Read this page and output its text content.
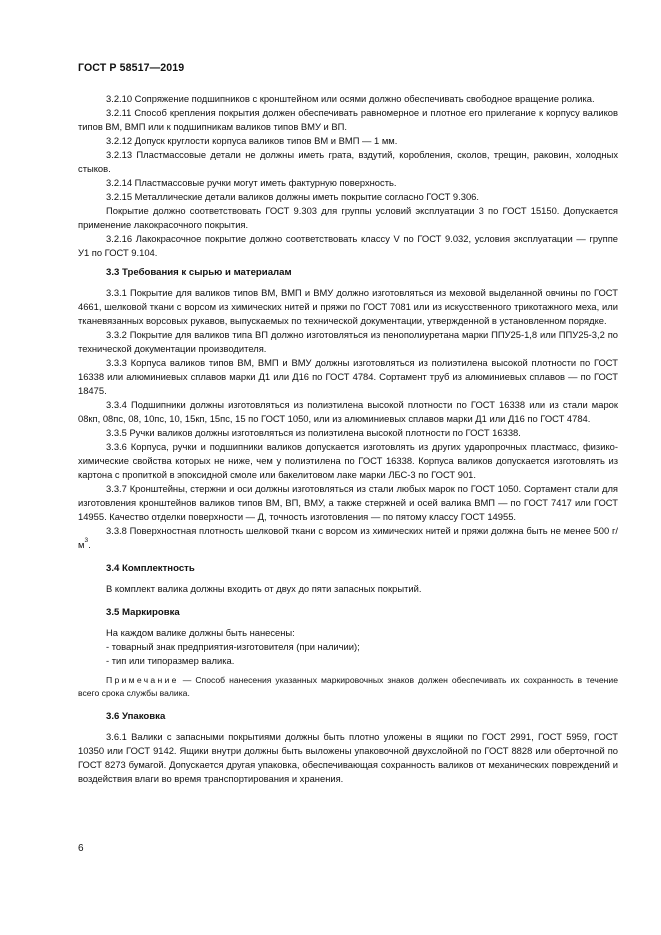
ГОСТ Р 58517—2019

3.2.10 Сопряжение подшипников с кронштейном или осями должно обеспечивать свободное вращение ролика.

3.2.11 Способ крепления покрытия должен обеспечивать равномерное и плотное его прилегание к корпусу валиков типов ВМ, ВМП или к подшипникам валиков типов ВМУ и ВП.

3.2.12 Допуск круглости корпуса валиков типов ВМ и ВМП — 1 мм.

3.2.13 Пластмассовые детали не должны иметь грата, вздутий, коробления, сколов, трещин, раковин, холодных стыков.

3.2.14 Пластмассовые ручки могут иметь фактурную поверхность.

3.2.15 Металлические детали валиков должны иметь покрытие согласно ГОСТ 9.306.

Покрытие должно соответствовать ГОСТ 9.303 для группы условий эксплуатации 3 по ГОСТ 15150. Допускается применение лакокрасочного покрытия.

3.2.16 Лакокрасочное покрытие должно соответствовать классу V по ГОСТ 9.032, условия эксплуатации — группе У1 по ГОСТ 9.104.

3.3 Требования к сырью и материалам

3.3.1 Покрытие для валиков типов ВМ, ВМП и ВМУ должно изготовляться из меховой выделанной овчины по ГОСТ 4661, шелковой ткани с ворсом из химических нитей и пряжи по ГОСТ 7081 или из искусственного трикотажного меха, или тканевязанных ворсовых рукавов, выпускаемых по технической документации, утвержденной в установленном порядке.

3.3.2 Покрытие для валиков типа ВП должно изготовляться из пенополиуретана марки ППУ25-1,8 или ППУ25-3,2 по технической документации производителя.

3.3.3 Корпуса валиков типов ВМ, ВМП и ВМУ должны изготовляться из полиэтилена высокой плотности по ГОСТ 16338 или алюминиевых сплавов марки Д1 или Д16 по ГОСТ 4784. Сортамент труб из алюминиевых сплавов — по ГОСТ 18475.

3.3.4 Подшипники должны изготовляться из полиэтилена высокой плотности по ГОСТ 16338 или из стали марок 08кп, 08пс, 08, 10пс, 10, 15кп, 15пс, 15 по ГОСТ 1050, или из алюминиевых сплавов марки Д1 или Д16 по ГОСТ 4784.

3.3.5 Ручки валиков должны изготовляться из полиэтилена высокой плотности по ГОСТ 16338.

3.3.6 Корпуса, ручки и подшипники валиков допускается изготовлять из других ударопрочных пластмасс, физико-химические свойства которых не ниже, чем у полиэтилена по ГОСТ 16338. Корпуса валиков допускается изготовлять из картона с пропиткой в эпоксидной смоле или бакелитовом лаке марки ЛБС-3 по ГОСТ 901.

3.3.7 Кронштейны, стержни и оси должны изготовляться из стали любых марок по ГОСТ 1050. Сортамент стали для изготовления кронштейнов валиков типов ВМ, ВП, ВМУ, а также стержней и осей валика ВМП — по ГОСТ 7417 или ГОСТ 14955. Качество отделки поверхности — Д, точность изготовления — по пятому классу ГОСТ 14955.

3.3.8 Поверхностная плотность шелковой ткани с ворсом из химических нитей и пряжи должна быть не менее 500 $г/м^3$.

3.4 Комплектность

В комплект валика должны входить от двух до пяти запасных покрытий.

3.5 Маркировка

На каждом валике должны быть нанесены:

- товарный знак предприятия-изготовителя (при наличии);

- тип или типоразмер валика.

Примечание — Способ нанесения указанных маркировочных знаков должен обеспечивать их сохранность в течение всего срока службы валика.

3.6 Упаковка

3.6.1 Валики с запасными покрытиями должны быть плотно уложены в ящики по ГОСТ 2991, ГОСТ 5959, ГОСТ 10350 или ГОСТ 9142. Ящики внутри должны быть выложены упаковочной двухслойной по ГОСТ 8828 или оберточной по ГОСТ 8273 бумагой. Допускается другая упаковка, обеспечивающая сохранность валиков от механических повреждений и воздействия влаги во время транспортирования и хранения.

6
